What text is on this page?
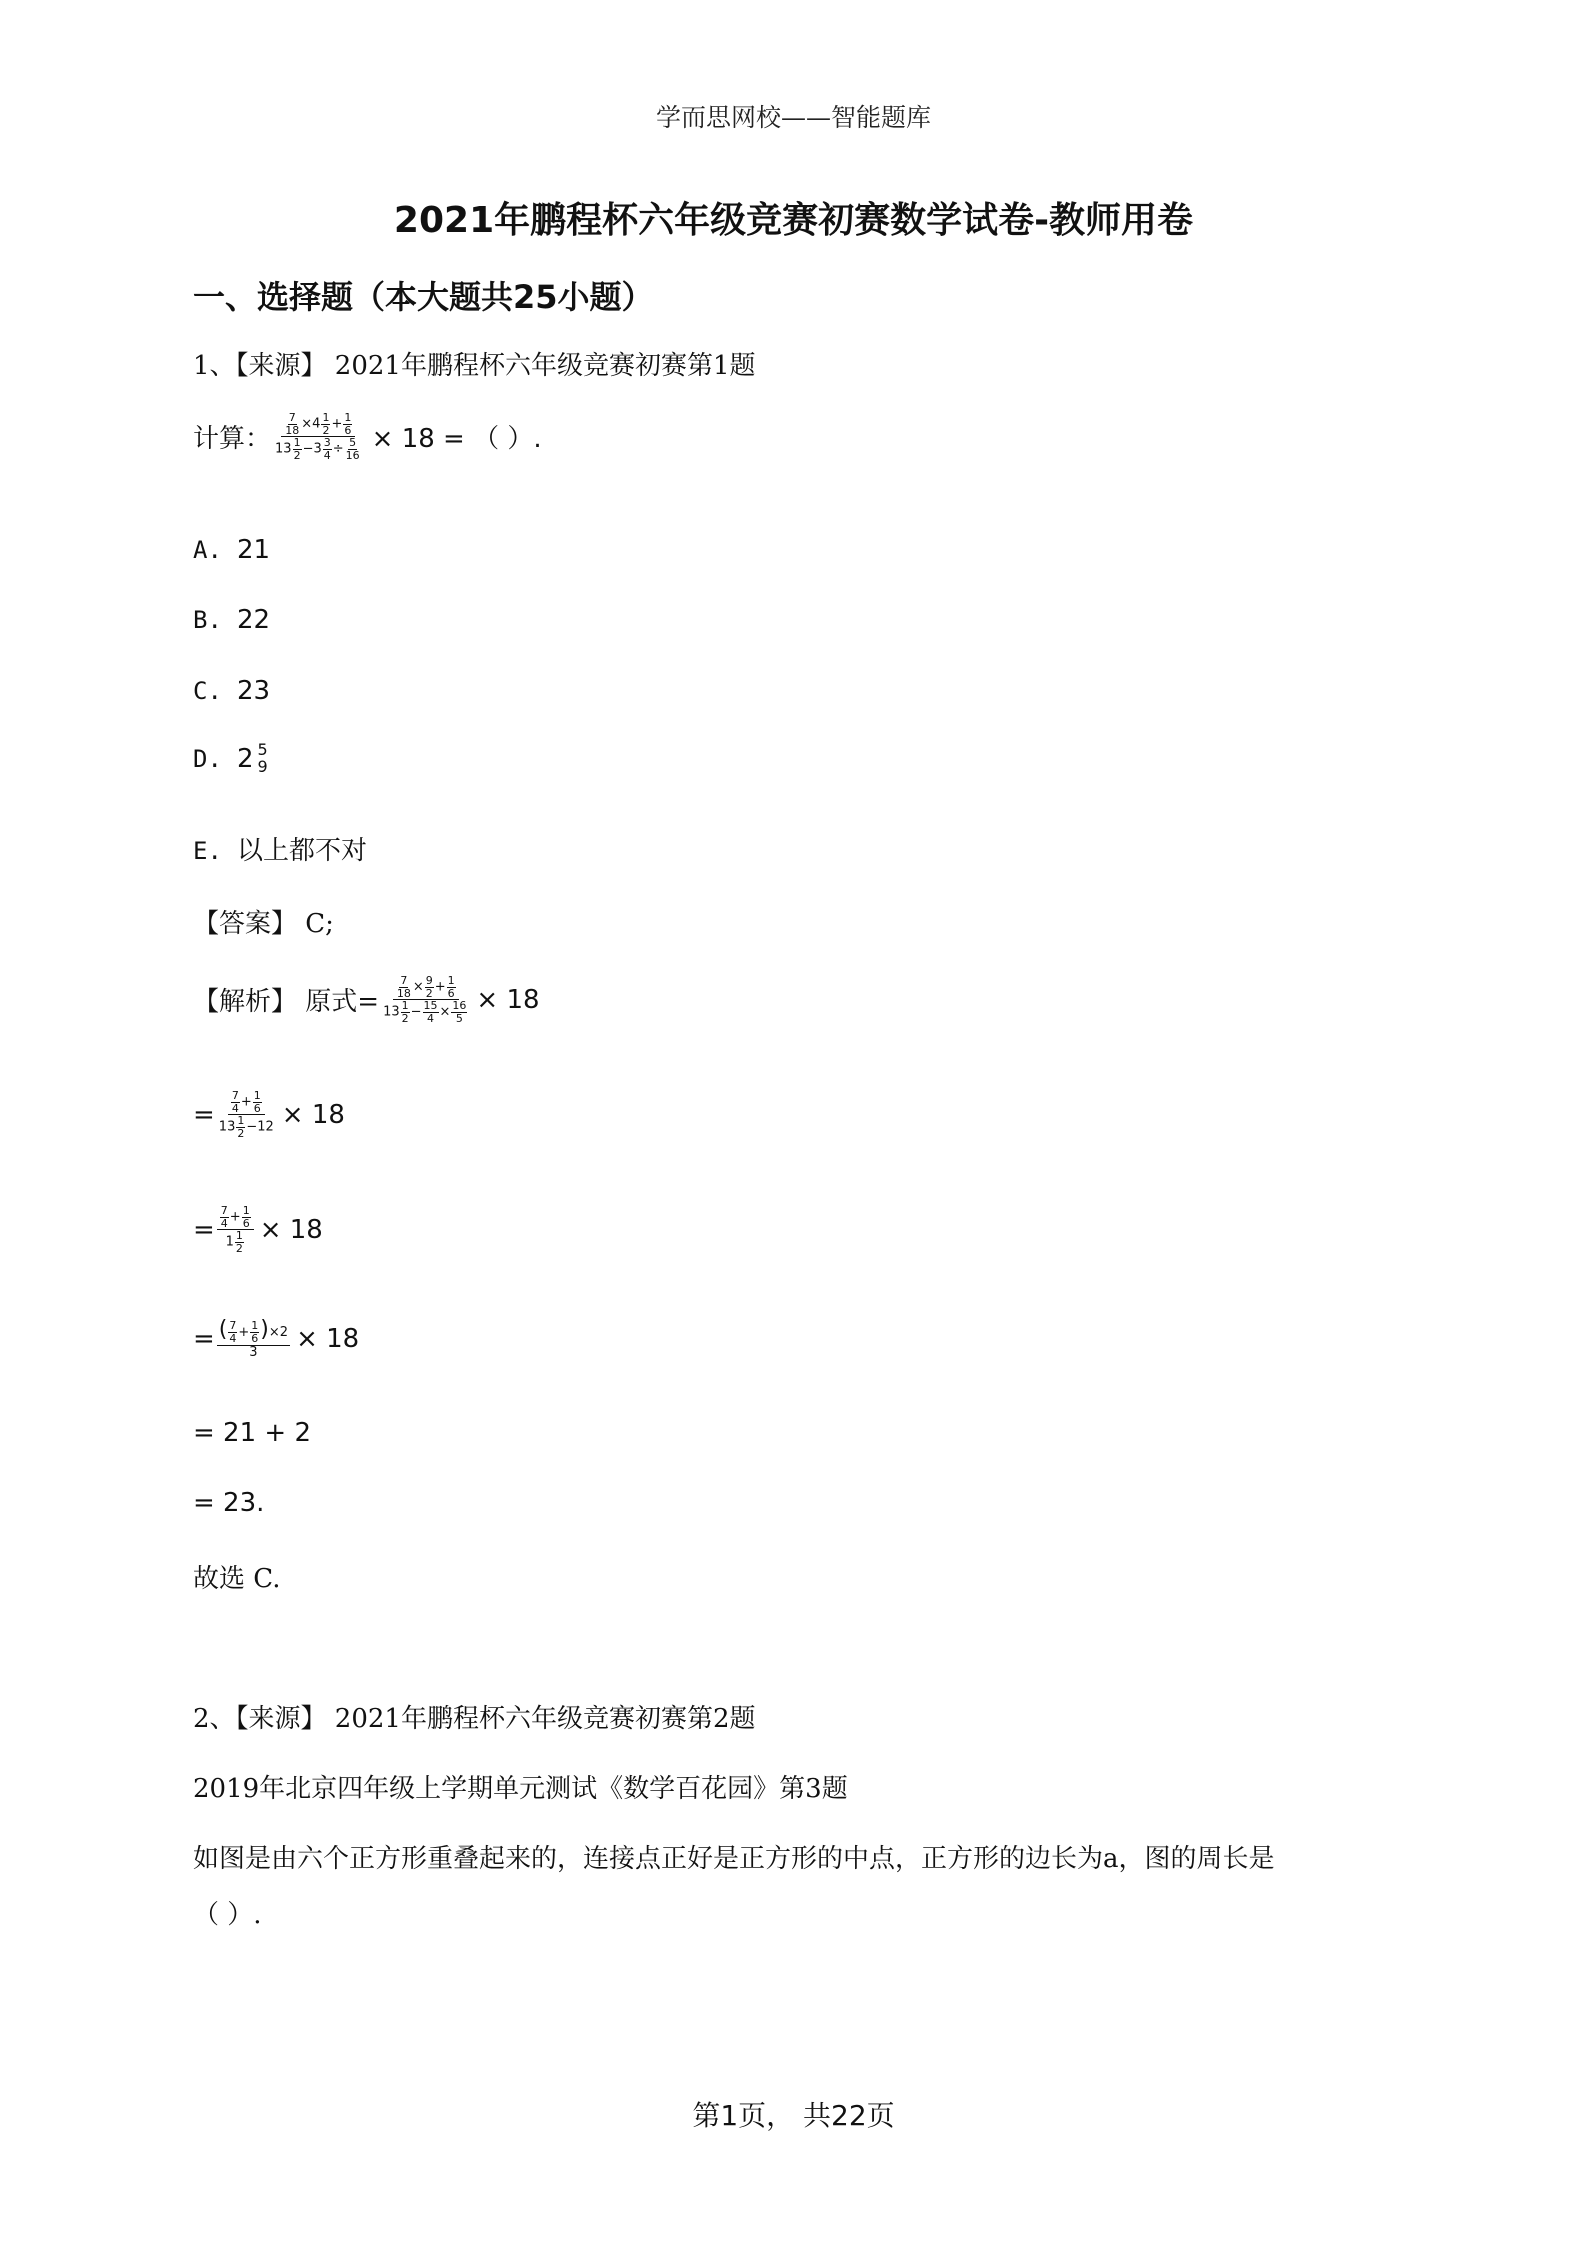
学而思网校——智能题库
2021年鹏程杯六年级竞赛初赛数学试卷-教师用卷
一、选择题（本大题共25小题）
1、【来源】 2021年鹏程杯六年级竞赛初赛第1题
计算： $\frac{\frac{7}{18} \times 4 \frac{1}{2} + \frac{1}{6}}{13 \frac{1}{2} -3 \frac{3}{4} \div \frac{5}{16}} \times 18$ = （ ）.
A. 21
B. 22
C. 23
D. 2 5
9
E. 以上都不对
【答案】 C;
【解析】 原式= $\frac{\frac{7}{18} \times \frac{9}{2} + \frac{1}{6}}{13 \frac{1}{2} - \frac{15}{4} \times \frac{16}{5}} \times 18$
= $\frac{\frac{7}{4} + \frac{1}{6}}{13 \frac{1}{2} -12} \times 18$
= $\frac{\frac{7}{4} + \frac{1}{6}}{1 \frac{1}{2}} \times 18$
= $\frac{( \frac{7}{4} + \frac{1}{6} )\times 2}{3} \times 18$
= 21 + 2
= 23.
故选 C.
2、【来源】 2021年鹏程杯六年级竞赛初赛第2题
2019年北京四年级上学期单元测试《数学百花园》第3题
如图是由六个正方形重叠起来的，连接点正好是正方形的中点，正方形的边长为a，图的周长是
（ ）.
第1页， 共22页
